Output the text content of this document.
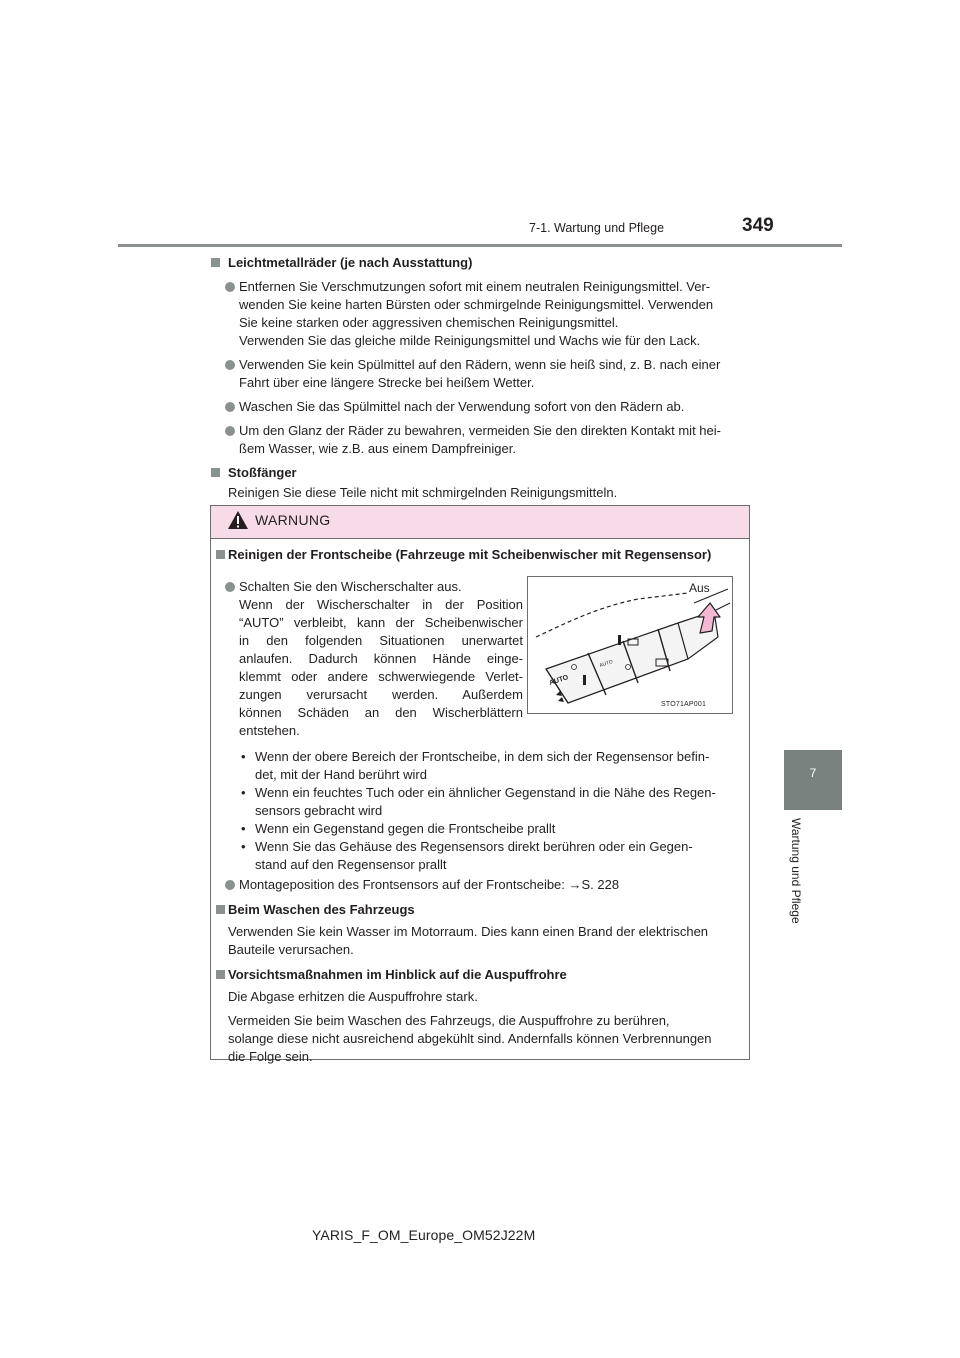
7-1. Wartung und Pflege	349
7
Wartung und Pflege
Leichtmetallräder (je nach Ausstattung)
Entfernen Sie Verschmutzungen sofort mit einem neutralen Reinigungsmittel. Ver-
wenden Sie keine harten Bürsten oder schmirgelnde Reinigungsmittel. Verwenden
Sie keine starken oder aggressiven chemischen Reinigungsmittel.
Verwenden Sie das gleiche milde Reinigungsmittel und Wachs wie für den Lack.
Verwenden Sie kein Spülmittel auf den Rädern, wenn sie heiß sind, z. B. nach einer
Fahrt über eine längere Strecke bei heißem Wetter.
Waschen Sie das Spülmittel nach der Verwendung sofort von den Rädern ab.
Um den Glanz der Räder zu bewahren, vermeiden Sie den direkten Kontakt mit hei-
ßem Wasser, wie z.B. aus einem Dampfreiniger.
Stoßfänger
Reinigen Sie diese Teile nicht mit schmirgelnden Reinigungsmitteln.
WARNUNG
Reinigen der Frontscheibe (Fahrzeuge mit Scheibenwischer mit Regensensor)
Schalten Sie den Wischerschalter aus.
Wenn der Wischerschalter in der Position
“AUTO” verbleibt, kann der Scheibenwischer
in den folgenden Situationen unerwartet
anlaufen. Dadurch können Hände einge-
klemmt oder andere schwerwiegende Verlet-
zungen verursacht werden. Außerdem
können Schäden an den Wischerblättern
entstehen.
• Wenn der obere Bereich der Frontscheibe, in dem sich der Regensensor befin-
det, mit der Hand berührt wird
• Wenn ein feuchtes Tuch oder ein ähnlicher Gegenstand in die Nähe des Regen-
sensors gebracht wird
• Wenn ein Gegenstand gegen die Frontscheibe prallt
• Wenn Sie das Gehäuse des Regensensors direkt berühren oder ein Gegen-
stand auf den Regensensor prallt
Montageposition des Frontsensors auf der Frontscheibe: →S. 228
Beim Waschen des Fahrzeugs
Verwenden Sie kein Wasser im Motorraum. Dies kann einen Brand der elektrischen
Bauteile verursachen.
Vorsichtsmaßnahmen im Hinblick auf die Auspuffrohre
Die Abgase erhitzen die Auspuffrohre stark.
Vermeiden Sie beim Waschen des Fahrzeugs, die Auspuffrohre zu berühren,
solange diese nicht ausreichend abgekühlt sind. Andernfalls können Verbrennungen
die Folge sein.
AUTO
AUTO
Aus
STO71AP001
YARIS_F_OM_Europe_OM52J22M
